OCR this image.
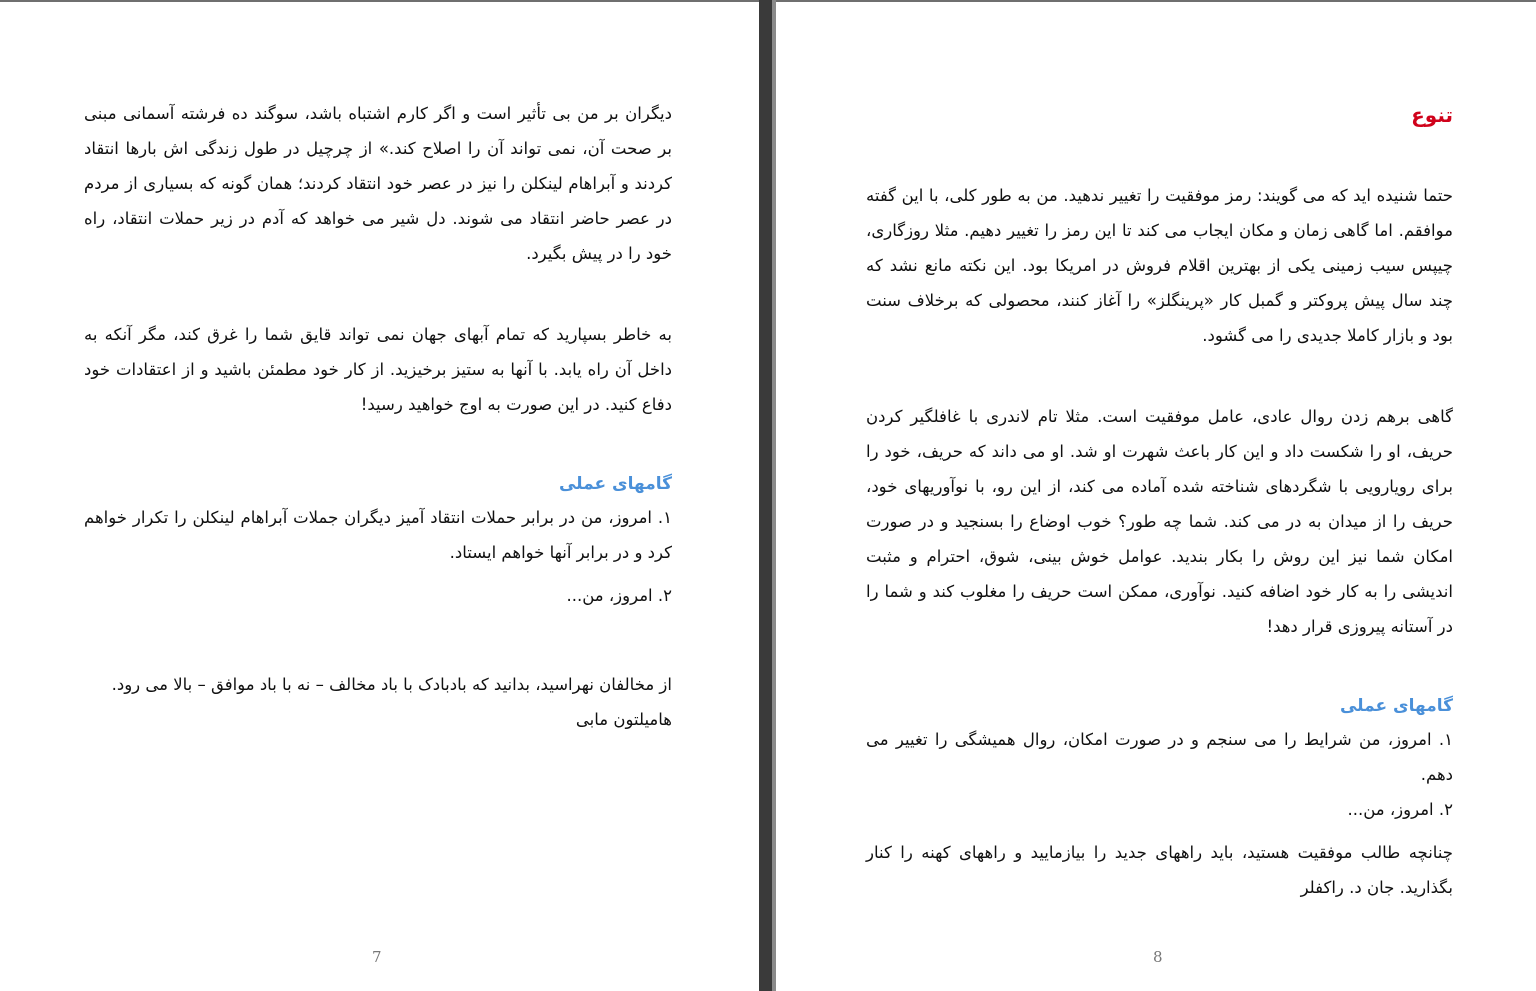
دیگران بر من بی تأثیر است و اگر کارم اشتباه باشد، سوگند ده فرشته آسمانی مبنی بر صحت آن، نمی تواند آن را اصلاح کند.» از چرچیل در طول زندگی اش بارها انتقاد کردند و آبراهام لینکلن را نیز در عصر خود انتقاد کردند؛ همان گونه که بسیاری از مردم در عصر حاضر انتقاد می شوند. دل شیر می خواهد که آدم در زیر حملات انتقاد، راه خود را در پیش بگیرد.

به خاطر بسپارید که تمام آبهای جهان نمی تواند قایق شما را غرق کند، مگر آنکه به داخل آن راه یابد. با آنها به ستیز برخیزید. از کار خود مطمئن باشید و از اعتقادات خود دفاع کنید. در این صورت به اوج خواهید رسید!

گامهای عملی

۱. امروز، من در برابر حملات انتقاد آمیز دیگران جملات آبراهام لینکلن را تکرار خواهم کرد و در برابر آنها خواهم ایستاد.

۲. امروز، من...

از مخالفان نهراسید، بدانید که بادبادک با باد مخالف – نه با باد موافق – بالا می رود.

هامیلتون مابی

7

تنوع

حتما شنیده اید که می گویند: رمز موفقیت را تغییر ندهید. من به طور کلی، با این گفته موافقم. اما گاهی زمان و مکان ایجاب می کند تا این رمز را تغییر دهیم. مثلا روزگاری، چیپس سیب زمینی یکی از بهترین اقلام فروش در امریکا بود. این نکته مانع نشد که چند سال پیش پروکتر و گمبل کار «پرینگلز» را آغاز کنند، محصولی که برخلاف سنت بود و بازار کاملا جدیدی را می گشود.

گاهی برهم زدن روال عادی، عامل موفقیت است. مثلا تام لاندری با غافلگیر کردن حریف، او را شکست داد و این کار باعث شهرت او شد. او می داند که حریف، خود را برای رویارویی با شگردهای شناخته شده آماده می کند، از این رو، با نوآوریهای خود، حریف را از میدان به در می کند. شما چه طور؟ خوب اوضاع را بسنجید و در صورت امکان شما نیز این روش را بکار بندید. عوامل خوش بینی، شوق، احترام و مثبت اندیشی را به کار خود اضافه کنید. نوآوری، ممکن است حریف را مغلوب کند و شما را در آستانه پیروزی قرار دهد!

گامهای عملی

۱. امروز، من شرایط را می سنجم و در صورت امکان، روال همیشگی را تغییر می دهم.

۲. امروز، من...

چنانچه طالب موفقیت هستید، باید راههای جدید را بیازمایید و راههای کهنه را کنار بگذارید. جان د. راکفلر

8
